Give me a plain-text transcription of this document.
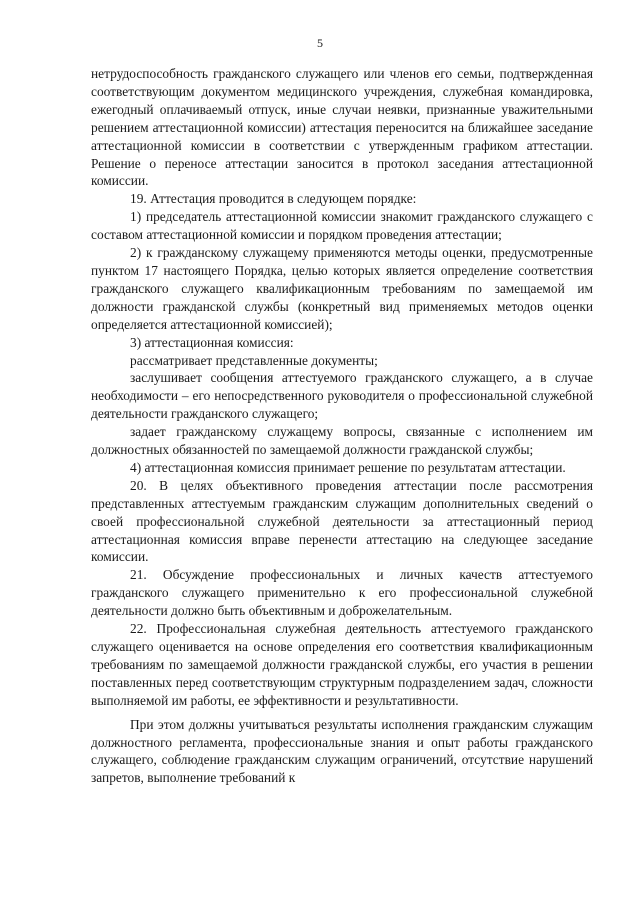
5

нетрудоспособность гражданского служащего или членов его семьи, подтвержденная соответствующим документом медицинского учреждения, служебная командировка, ежегодный оплачиваемый отпуск, иные случаи неявки, признанные уважительными решением аттестационной комиссии) аттестация переносится на ближайшее заседание аттестационной комиссии в соответствии с утвержденным графиком аттестации. Решение о переносе аттестации заносится в протокол заседания аттестационной комиссии.

19. Аттестация проводится в следующем порядке:

1) председатель аттестационной комиссии знакомит гражданского служащего с составом аттестационной комиссии и порядком проведения аттестации;

2) к гражданскому служащему применяются методы оценки, предусмотренные пунктом 17 настоящего Порядка, целью которых является определение соответствия гражданского служащего квалификационным требованиям по замещаемой им должности гражданской службы (конкретный вид применяемых методов оценки определяется аттестационной комиссией);

3) аттестационная комиссия:

рассматривает представленные документы;

заслушивает сообщения аттестуемого гражданского служащего, а в случае необходимости – его непосредственного руководителя о профессиональной служебной деятельности гражданского служащего;

задает гражданскому служащему вопросы, связанные с исполнением им должностных обязанностей по замещаемой должности гражданской службы;

4) аттестационная комиссия принимает решение по результатам аттестации.

20. В целях объективного проведения аттестации после рассмотрения представленных аттестуемым гражданским служащим дополнительных сведений о своей профессиональной служебной деятельности за аттестационный период аттестационная комиссия вправе перенести аттестацию на следующее заседание комиссии.

21. Обсуждение профессиональных и личных качеств аттестуемого гражданского служащего применительно к его профессиональной служебной деятельности должно быть объективным и доброжелательным.

22. Профессиональная служебная деятельность аттестуемого гражданского служащего оценивается на основе определения его соответствия квалификационным требованиям по замещаемой должности гражданской службы, его участия в решении поставленных перед соответствующим структурным подразделением задач, сложности выполняемой им работы, ее эффективности и результативности.

При этом должны учитываться результаты исполнения гражданским служащим должностного регламента, профессиональные знания и опыт работы гражданского служащего, соблюдение гражданским служащим ограничений, отсутствие нарушений запретов, выполнение требований к
